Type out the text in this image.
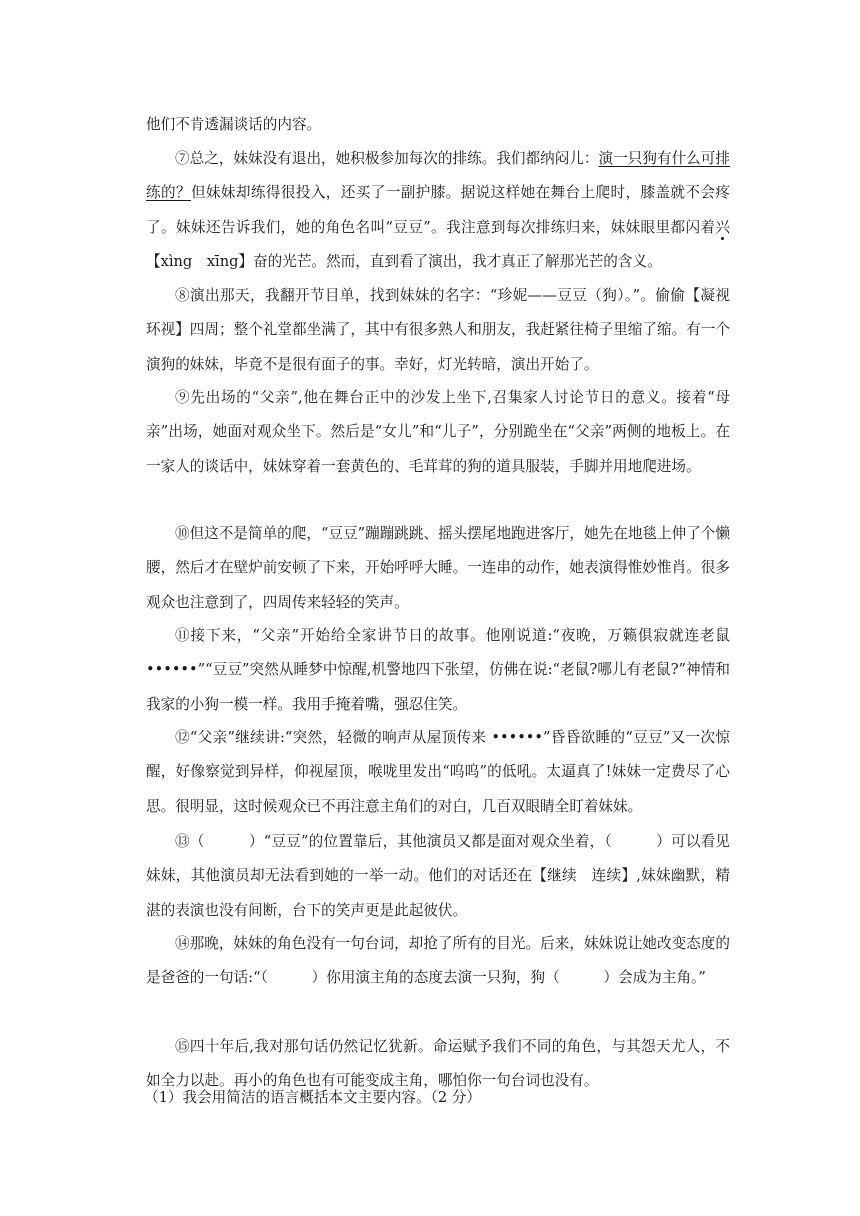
他们不肯透漏谈话的内容。

⑦总之，妹妹没有退出，她积极参加每次的排练。我们都纳闷儿：演一只狗有什么可排练的？但妹妹却练得很投入，还买了一副护膝。据说这样她在舞台上爬时，膝盖就不会疼了。妹妹还告诉我们，她的角色名叫“豆豆”。我注意到每次排练归来，妹妹眼里都闪着兴【xìng　xīng】奋的光芒。然而，直到看了演出，我才真正了解那光芒的含义。

⑧演出那天，我翻开节目单，找到妹妹的名字：“珍妮——豆豆（狗）。”。偷偷【凝视　环视】四周；整个礼堂都坐满了，其中有很多熟人和朋友，我赶紧往椅子里缩了缩。有一个演狗的妹妹，毕竟不是很有面子的事。幸好，灯光转暗，演出开始了。

⑨先出场的“父亲”,他在舞台正中的沙发上坐下,召集家人讨论节日的意义。接着“母亲”出场，她面对观众坐下。然后是“女儿”和“儿子”，分别跪坐在“父亲”两侧的地板上。在一家人的谈话中，妹妹穿着一套黄色的、毛茸茸的狗的道具服装，手脚并用地爬进场。

⑩但这不是简单的爬，“豆豆”蹦蹦跳跳、摇头摆尾地跑进客厅，她先在地毯上伸了个懒腰，然后才在壁炉前安顿了下来，开始呼呼大睡。一连串的动作，她表演得惟妙惟肖。很多观众也注意到了，四周传来轻轻的笑声。

⑪接下来，“父亲”开始给全家讲节日的故事。他刚说道:“夜晚，万籁俱寂就连老鼠 ••••••”“豆豆”突然从睡梦中惊醒,机警地四下张望，仿佛在说:“老鼠?哪儿有老鼠?”神情和我家的小狗一模一样。我用手掩着嘴，强忍住笑。

⑫“父亲”继续讲:“突然，轻微的响声从屋顶传来 ••••••”昏昏欲睡的“豆豆”又一次惊醒，好像察觉到异样，仰视屋顶，喉咙里发出“呜呜”的低吼。太逼真了!妹妹一定费尽了心思。很明显，这时候观众已不再注意主角们的对白，几百双眼睛全盯着妹妹。

⑬（　　　）“豆豆”的位置靠后，其他演员又都是面对观众坐着，（　　　）可以看见妹妹，其他演员却无法看到她的一举一动。他们的对话还在【继续　连续】,妹妹幽默，精湛的表演也没有间断，台下的笑声更是此起彼伏。

⑭那晚，妹妹的角色没有一句台词，却抢了所有的目光。后来，妹妹说让她改变态度的是爸爸的一句话:“（　　　）你用演主角的态度去演一只狗，狗（　　　）会成为主角。”

⑮四十年后,我对那句话仍然记忆犹新。命运赋予我们不同的角色，与其怨天尤人，不如全力以赴。再小的角色也有可能变成主角，哪怕你一句台词也没有。

（1）我会用简洁的语言概括本文主要内容。（2 分）
